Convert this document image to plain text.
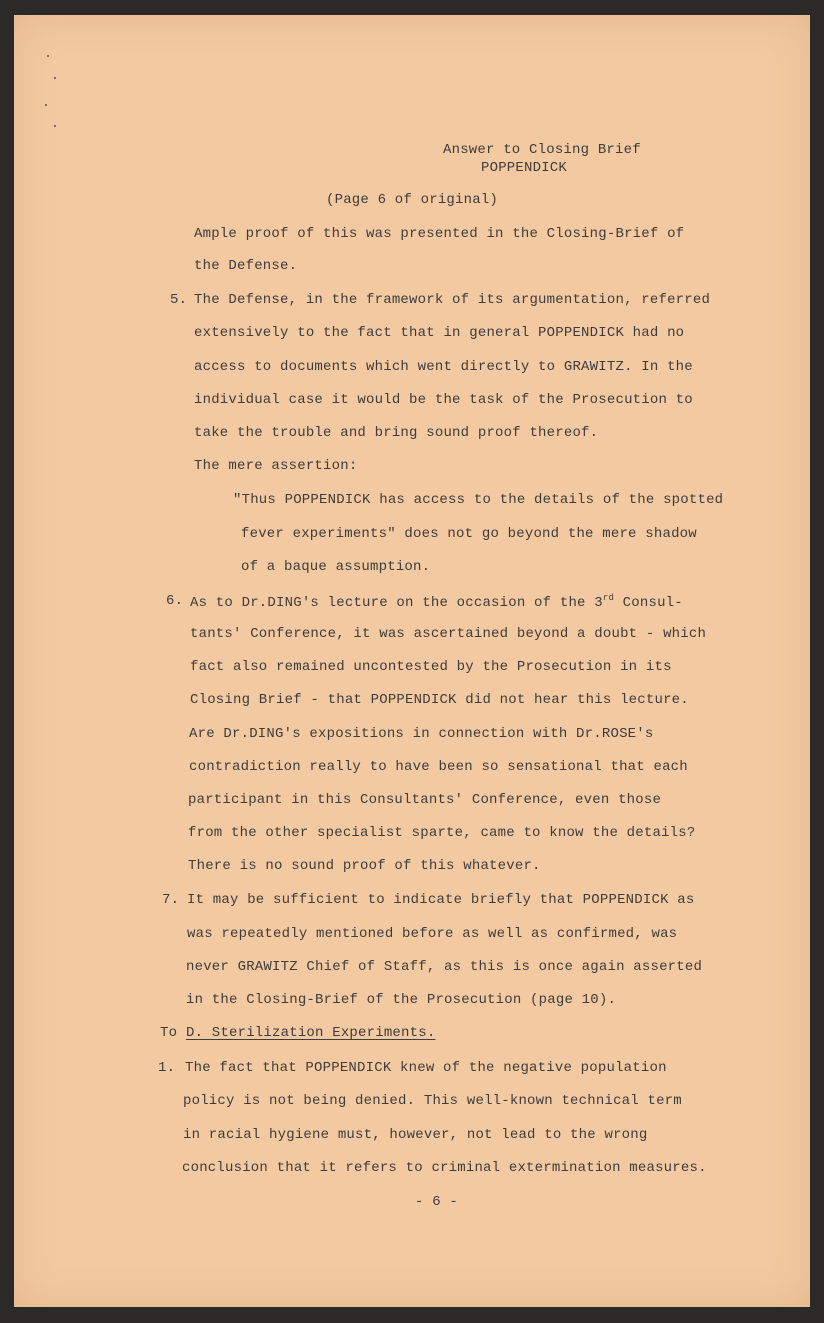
Answer to Closing Brief
POPPENDICK
(Page 6 of original)
Ample proof of this was presented in the Closing-Brief of
the Defense.
5. The Defense, in the framework of its argumentation, referred
extensively to the fact that in general POPPENDICK had no
access to documents which went directly to GRAWITZ. In the
individual case it would be the task of the Prosecution to
take the trouble and bring sound proof thereof.
The mere assertion:
"Thus POPPENDICK has access to the details of the spotted
fever experiments" does not go beyond the mere shadow
of a baque assumption.
6. As to Dr.DING's lecture on the occasion of the 3rd Consul-
tants' Conference, it was ascertained beyond a doubt - which
fact also remained uncontested by the Prosecution in its
Closing Brief - that POPPENDICK did not hear this lecture.
Are Dr.DING's expositions in connection with Dr.ROSE's
contradiction really to have been so sensational that each
participant in this Consultants' Conference, even those
from the other specialist sparte, came to know the details?
There is no sound proof of this whatever.
7. It may be sufficient to indicate briefly that POPPENDICK as
was repeatedly mentioned before as well as confirmed, was
never GRAWITZ Chief of Staff, as this is once again asserted
in the Closing-Brief of the Prosecution (page 10).
To D. Sterilization Experiments.
1. The fact that POPPENDICK knew of the negative population
policy is not being denied. This well-known technical term
in racial hygiene must, however, not lead to the wrong
conclusion that it refers to criminal extermination measures.
- 6 -
